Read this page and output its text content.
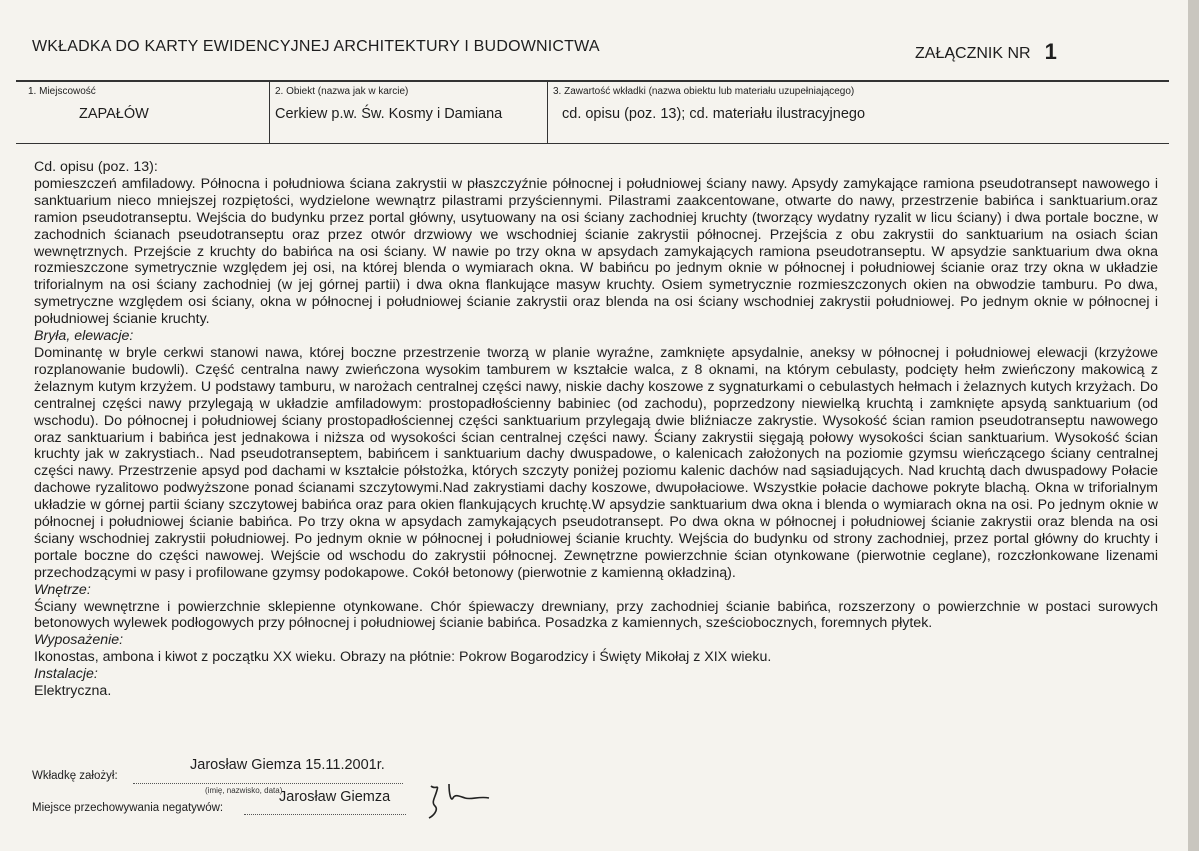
WKŁADKA DO KARTY EWIDENCYJNEJ ARCHITEKTURY I BUDOWNICTWA	ZAŁĄCZNIK NR 1
1. Miejscowość
ZAPAŁÓW
2. Obiekt (nazwa jak w karcie)
Cerkiew p.w. Św. Kosmy i Damiana
3. Zawartość wkładki (nazwa obiektu lub materiału uzupełniającego)
cd. opisu (poz. 13); cd. materiału ilustracyjnego
Cd. opisu (poz. 13):
pomieszczeń amfiladowy. Północna i południowa ściana zakrystii w płaszczyźnie północnej i południowej ściany nawy. Apsydy zamykające ramiona pseudotransept nawowego i sanktuarium nieco mniejszej rozpiętości, wydzielone wewnątrz pilastrami przyściennymi. Pilastrami zaakcentowane, otwarte do nawy, przestrzenie babińca i sanktuarium.oraz ramion pseudotranseptu. Wejścia do budynku przez portal główny, usytuowany na osi ściany zachodniej kruchty (tworzący wydatny ryzalit w licu ściany) i dwa portale boczne, w zachodnich ścianach pseudotranseptu oraz przez otwór drzwiowy we wschodniej ścianie zakrystii północnej. Przejścia z obu zakrystii do sanktuarium na osiach ścian wewnętrznych. Przejście z kruchty do babińca na osi ściany. W nawie po trzy okna w apsydach zamykających ramiona pseudotranseptu. W apsydzie sanktuarium dwa okna rozmieszczone symetrycznie względem jej osi, na której blenda o wymiarach okna. W babińcu po jednym oknie w północnej i południowej ścianie oraz trzy okna w układzie triforialnym na osi ściany zachodniej (w jej górnej partii) i dwa okna flankujące masyw kruchty. Osiem symetrycznie rozmieszczonych okien na obwodzie tamburu. Po dwa, symetryczne względem osi ściany, okna w północnej i południowej ścianie zakrystii oraz blenda na osi ściany wschodniej zakrystii południowej. Po jednym oknie w północnej i południowej ścianie kruchty.
Bryła, elewacje:
Dominantę w bryle cerkwi stanowi nawa, której boczne przestrzenie tworzą w planie wyraźne, zamknięte apsydalnie, aneksy w północnej i południowej elewacji (krzyżowe rozplanowanie budowli). Część centralna nawy zwieńczona wysokim tamburem w kształcie walca, z 8 oknami, na którym cebulasty, podcięty hełm zwieńczony makowicą z żelaznym kutym krzyżem. U podstawy tamburu, w narożach centralnej części nawy, niskie dachy koszowe z sygnaturkami o cebulastych hełmach i żelaznych kutych krzyżach. Do centralnej części nawy przylegają w układzie amfiladowym: prostopadłościenny babiniec (od zachodu), poprzedzony niewielką kruchtą i zamknięte apsydą sanktuarium (od wschodu). Do północnej i południowej ściany prostopadłościennej części sanktuarium przylegają dwie bliźniacze zakrystie. Wysokość ścian ramion pseudotranseptu nawowego oraz sanktuarium i babińca jest jednakowa i niższa od wysokości ścian centralnej części nawy. Ściany zakrystii sięgają połowy wysokości ścian sanktuarium. Wysokość ścian kruchty jak w zakrystiach.. Nad pseudotranseptem, babińcem i sanktuarium dachy dwuspadowe, o kalenicach założonych na poziomie gzymsu wieńczącego ściany centralnej części nawy. Przestrzenie apsyd pod dachami w kształcie półstożka, których szczyty poniżej poziomu kalenic dachów nad sąsiadujących. Nad kruchtą dach dwuspadowy Połacie dachowe ryzalitowo podwyższone ponad ścianami szczytowymi.Nad zakrystiami dachy koszowe, dwupołaciowe. Wszystkie połacie dachowe pokryte blachą. Okna w triforialnym układzie w górnej partii ściany szczytowej babińca oraz para okien flankujących kruchtę.W apsydzie sanktuarium dwa okna i blenda o wymiarach okna na osi. Po jednym oknie w północnej i południowej ścianie babińca. Po trzy okna w apsydach zamykających pseudotransept. Po dwa okna w północnej i południowej ścianie zakrystii oraz blenda na osi ściany wschodniej zakrystii południowej. Po jednym oknie w północnej i południowej ścianie kruchty. Wejścia do budynku od strony zachodniej, przez portal główny do kruchty i portale boczne do części nawowej. Wejście od wschodu do zakrystii północnej. Zewnętrzne powierzchnie ścian otynkowane (pierwotnie ceglane), rozczłonkowane lizenami przechodzącymi w pasy i profilowane gzymsy podokapowe. Cokół betonowy (pierwotnie z kamienną okładziną).
Wnętrze:
Ściany wewnętrzne i powierzchnie sklepienne otynkowane. Chór śpiewaczy drewniany, przy zachodniej ścianie babińca, rozszerzony o powierzchnie w postaci surowych betonowych wylewek podłogowych przy północnej i południowej ścianie babińca. Posadzka z kamiennych, sześciobocznych, foremnych płytek.
Wyposażenie:
Ikonostas, ambona i kiwot z początku XX wieku. Obrazy na płótnie: Pokrow Bogarodzicy i Święty Mikołaj z XIX wieku.
Instalacje:
Elektryczna.
Wkładkę założył:
Jarosław Giemza 15.11.2001r.
(imię, nazwisko, data)
Miejsce przechowywania negatywów:
Jarosław Giemza
